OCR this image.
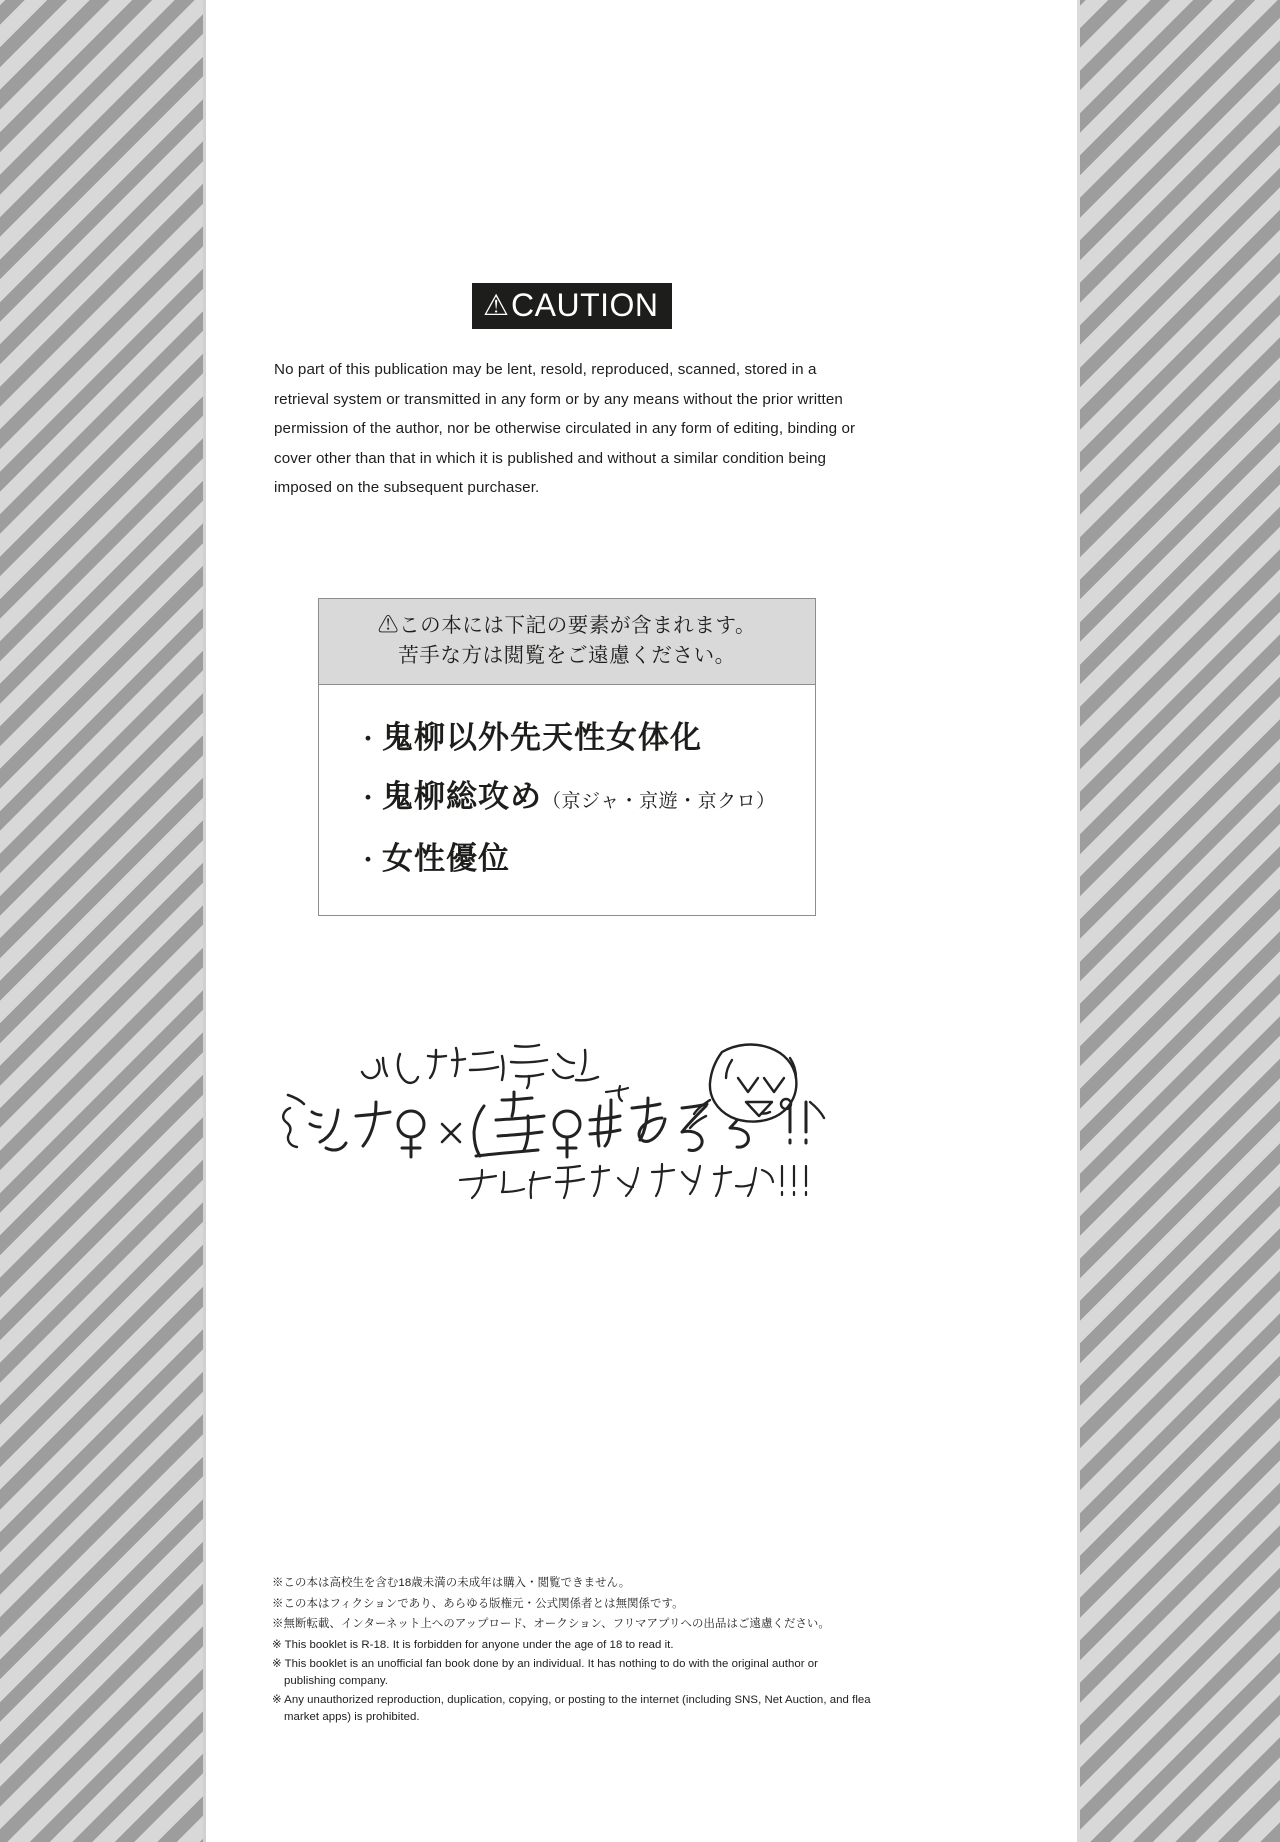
⚠ CAUTION
No part of this publication may be lent, resold, reproduced, scanned, stored in a retrieval system or transmitted in any form or by any means without the prior written permission of the author, nor be otherwise circulated in any form of editing, binding or cover other than that in which it is published and without a similar condition being imposed on the subsequent purchaser.
⚠この本には下記の要素が含まれます。
苦手な方は閲覧をご遠慮ください。
・鬼柳以外先天性女体化
・鬼柳総攻め（京ジャ・京遊・京クロ）
・女性優位
※この本は高校生を含む18歳未満の未成年は購入・閲覧できません。
※この本はフィクションであり、あらゆる版権元・公式関係者とは無関係です。
※無断転載、インターネット上へのアップロード、オークション、フリマアプリへの出品はご遠慮ください。
※ This booklet is R-18. It is forbidden for anyone under the age of 18 to read it.
※ This booklet is an unofficial fan book done by an individual. It has nothing to do with the original author or publishing company.
※ Any unauthorized reproduction, duplication, copying, or posting to the internet (including SNS, Net Auction, and flea market apps) is prohibited.
